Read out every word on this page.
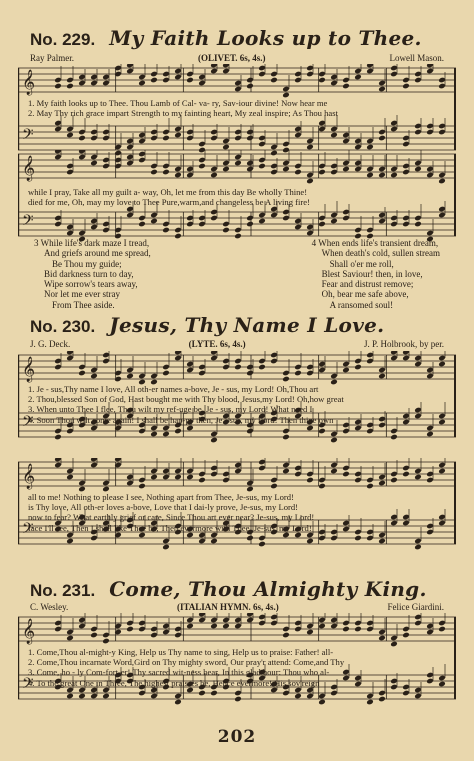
No. 229. My Faith Looks up to Thee.
Ray Palmer.	(OLIVET. 6s, 4s.)	Lowell Mason.
𝄞
𝄢
1. My faith looks up to Thee. Thou Lamb of Cal- va- ry, Sav-iour divine! Now hear me
2. May Thy rich grace impart Strength to my fainting heart, My zeal inspire; As Thou hast
𝄞
𝄢
while I pray, Take all my guilt a- way, Oh, let me from this day Be wholly Thine!
died for me, Oh, may my love to Thee Pure,warm,and changeless be A living fire!
3 While life's dark maze I tread,
And griefs around me spread,
Be Thou my guide;
Bid darkness turn to day,
Wipe sorrow's tears away,
Nor let me ever stray
From Thee aside.
4 When ends life's transient dream,
When death's cold, sullen stream
Shall o'er me roll,
Blest Saviour! then, in love,
Fear and distrust remove;
Oh, bear me safe above,
A ransomed soul!
No. 230. Jesus, Thy Name I Love.
J. G. Deck.	(LYTE. 6s, 4s.)	J. P. Holbrook, by per.
𝄞
𝄢
1. Je - sus,Thy name I love, All oth-er names a-bove, Je - sus, my Lord! Oh,Thou art
2. Thou,blessed Son of God, Hast bought me with Thy blood, Jesus,my Lord! Oh,how great
3. When unto Thee I flee, Thou wilt my ref-uge be, Je - sus, my Lord! What need I
4. Soon Thou wilt come again! I shall be hap-py then, Je - sus, my Lord! Then thine own
𝄞
𝄢
all to me! Nothing to please I see, Nothing apart from Thee, Je-sus, my Lord!
is Thy love, All oth-er loves a-bove, Love that I dai-ly prove, Je-sus, my Lord!
now to fear? What earthly grief or care, Since Thou art ever near? Je-sus, my Lord!
face I'll see, Then I shall like Thee be, Then evermore with Thee, Je-sus, my Lord!
No. 231. Come, Thou Almighty King.
C. Wesley.	(ITALIAN HYMN. 6s, 4s.)	Felice Giardini.
𝄞
𝄢
1. Come,Thou al-might-y King, Help us Thy name to sing, Help us to praise: Father! all-
2. Come,Thou incarnate Word,Gird on Thy mighty sword, Our pray'r attend: Come,and Thy
3. Come, ho - ly Com-fort-er! Thy sacred wit-ness bear, In this glad hour: Thou who al-
4. To the great One in Three, The highest prais-es be, Hence evermore! His sov'reign
202
